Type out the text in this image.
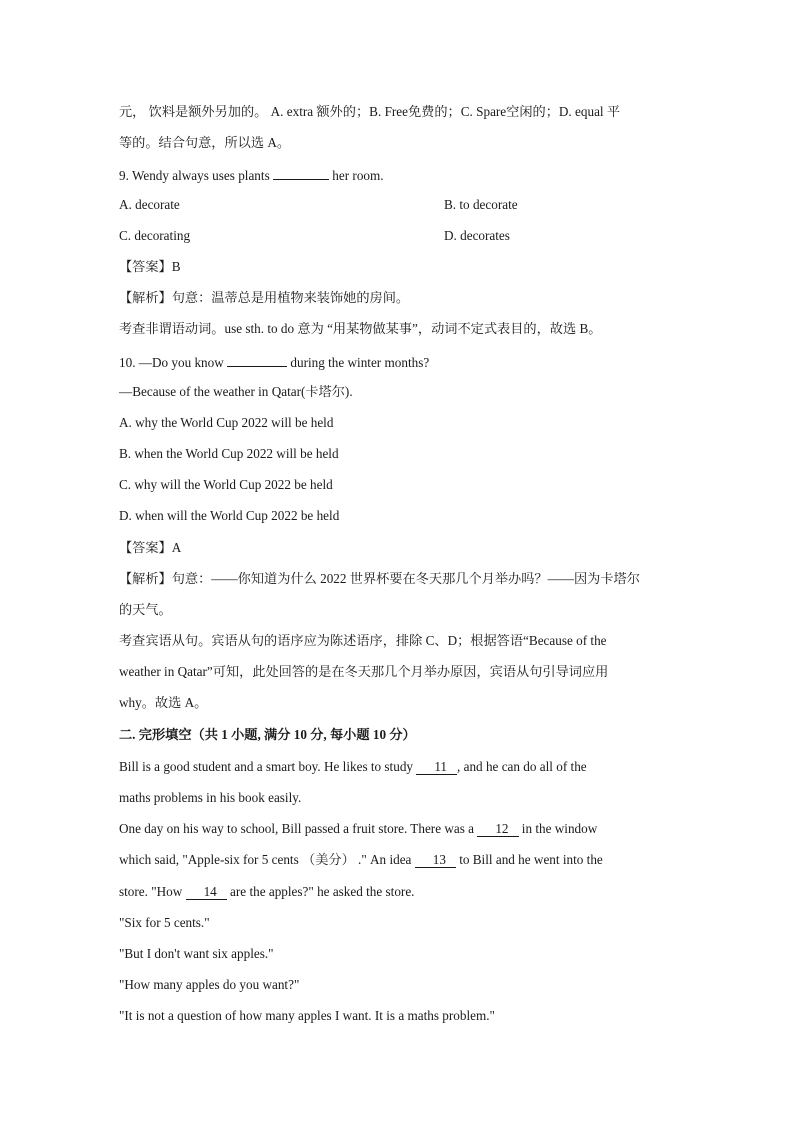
元， 饮料是额外另加的。 A. extra 额外的；B. Free免费的；C. Spare空闲的；D. equal 平
等的。结合句意，所以选 A。
9. Wendy always uses plants	her room.
A. decorate	B. to decorate
C. decorating	D. decorates
【答案】B
【解析】句意：温蒂总是用植物来装饰她的房间。
考查非谓语动词。use sth. to do 意为 “用某物做某事”，动词不定式表目的，故选 B。
10. —Do you know	during the winter months?
—Because of the weather in Qatar(卡塔尔).
A. why the World Cup 2022 will be held
B. when the World Cup 2022 will be held
C. why will the World Cup 2022 be held
D. when will the World Cup 2022 be held
【答案】A
【解析】句意：——你知道为什么 2022 世界杯要在冬天那几个月举办吗？——因为卡塔尔
的天气。
考查宾语从句。宾语从句的语序应为陈述语序，排除 C、D；根据答语“Because of the
weather in Qatar”可知，此处回答的是在冬天那几个月举办原因，宾语从句引导词应用
why。故选 A。
二. 完形填空（共 1 小题, 满分 10 分, 每小题 10 分）
Bill is a good student and a smart boy. He likes to study 11 , and he can do all of the
maths problems in his book easily.
One day on his way to school, Bill passed a fruit store. There was a 12 in the window
which said, "Apple-six for 5 cents （美分） ." An idea 13 to Bill and he went into the
store. "How 14 are the apples?" he asked the store.
"Six for 5 cents."
"But I don't want six apples."
"How many apples do you want?"
"It is not a question of how many apples I want. It is a maths problem."
